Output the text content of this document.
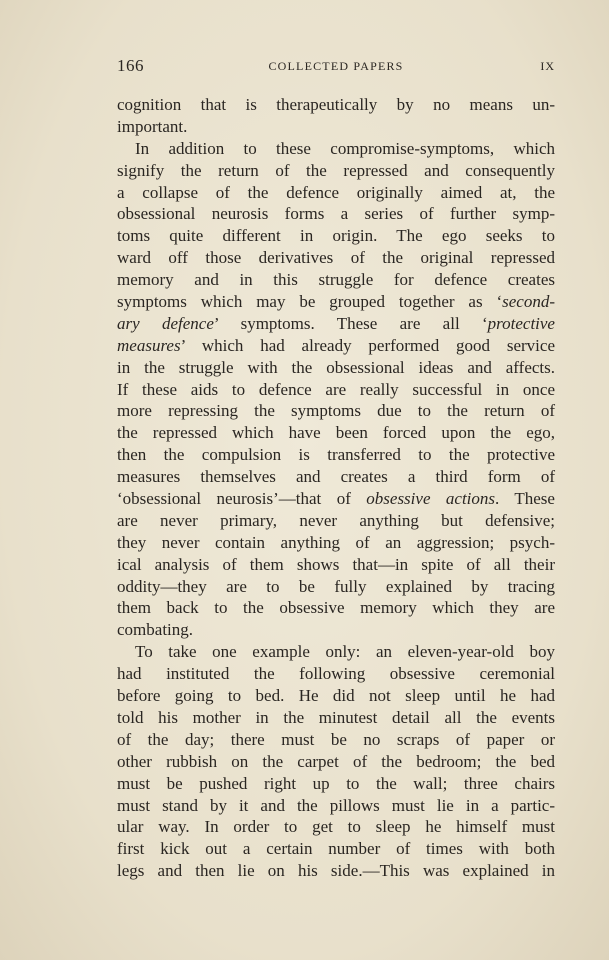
166	COLLECTED PAPERS	IX
cognition that is therapeutically by no means un-
important.
In addition to these compromise-symptoms, which
signify the return of the repressed and consequently
a collapse of the defence originally aimed at, the
obsessional neurosis forms a series of further symp-
toms quite different in origin. The ego seeks to
ward off those derivatives of the original repressed
memory and in this struggle for defence creates
symptoms which may be grouped together as ‘second-
ary defence’ symptoms. These are all ‘protective
measures’ which had already performed good service
in the struggle with the obsessional ideas and affects.
If these aids to defence are really successful in once
more repressing the symptoms due to the return of
the repressed which have been forced upon the ego,
then the compulsion is transferred to the protective
measures themselves and creates a third form of
‘obsessional neurosis’—that of obsessive actions. These
are never primary, never anything but defensive;
they never contain anything of an aggression; psych-
ical analysis of them shows that—in spite of all their
oddity—they are to be fully explained by tracing
them back to the obsessive memory which they are
combating.
To take one example only: an eleven-year-old boy
had instituted the following obsessive ceremonial
before going to bed. He did not sleep until he had
told his mother in the minutest detail all the events
of the day; there must be no scraps of paper or
other rubbish on the carpet of the bedroom; the bed
must be pushed right up to the wall; three chairs
must stand by it and the pillows must lie in a partic-
ular way. In order to get to sleep he himself must
first kick out a certain number of times with both
legs and then lie on his side.—This was explained in
